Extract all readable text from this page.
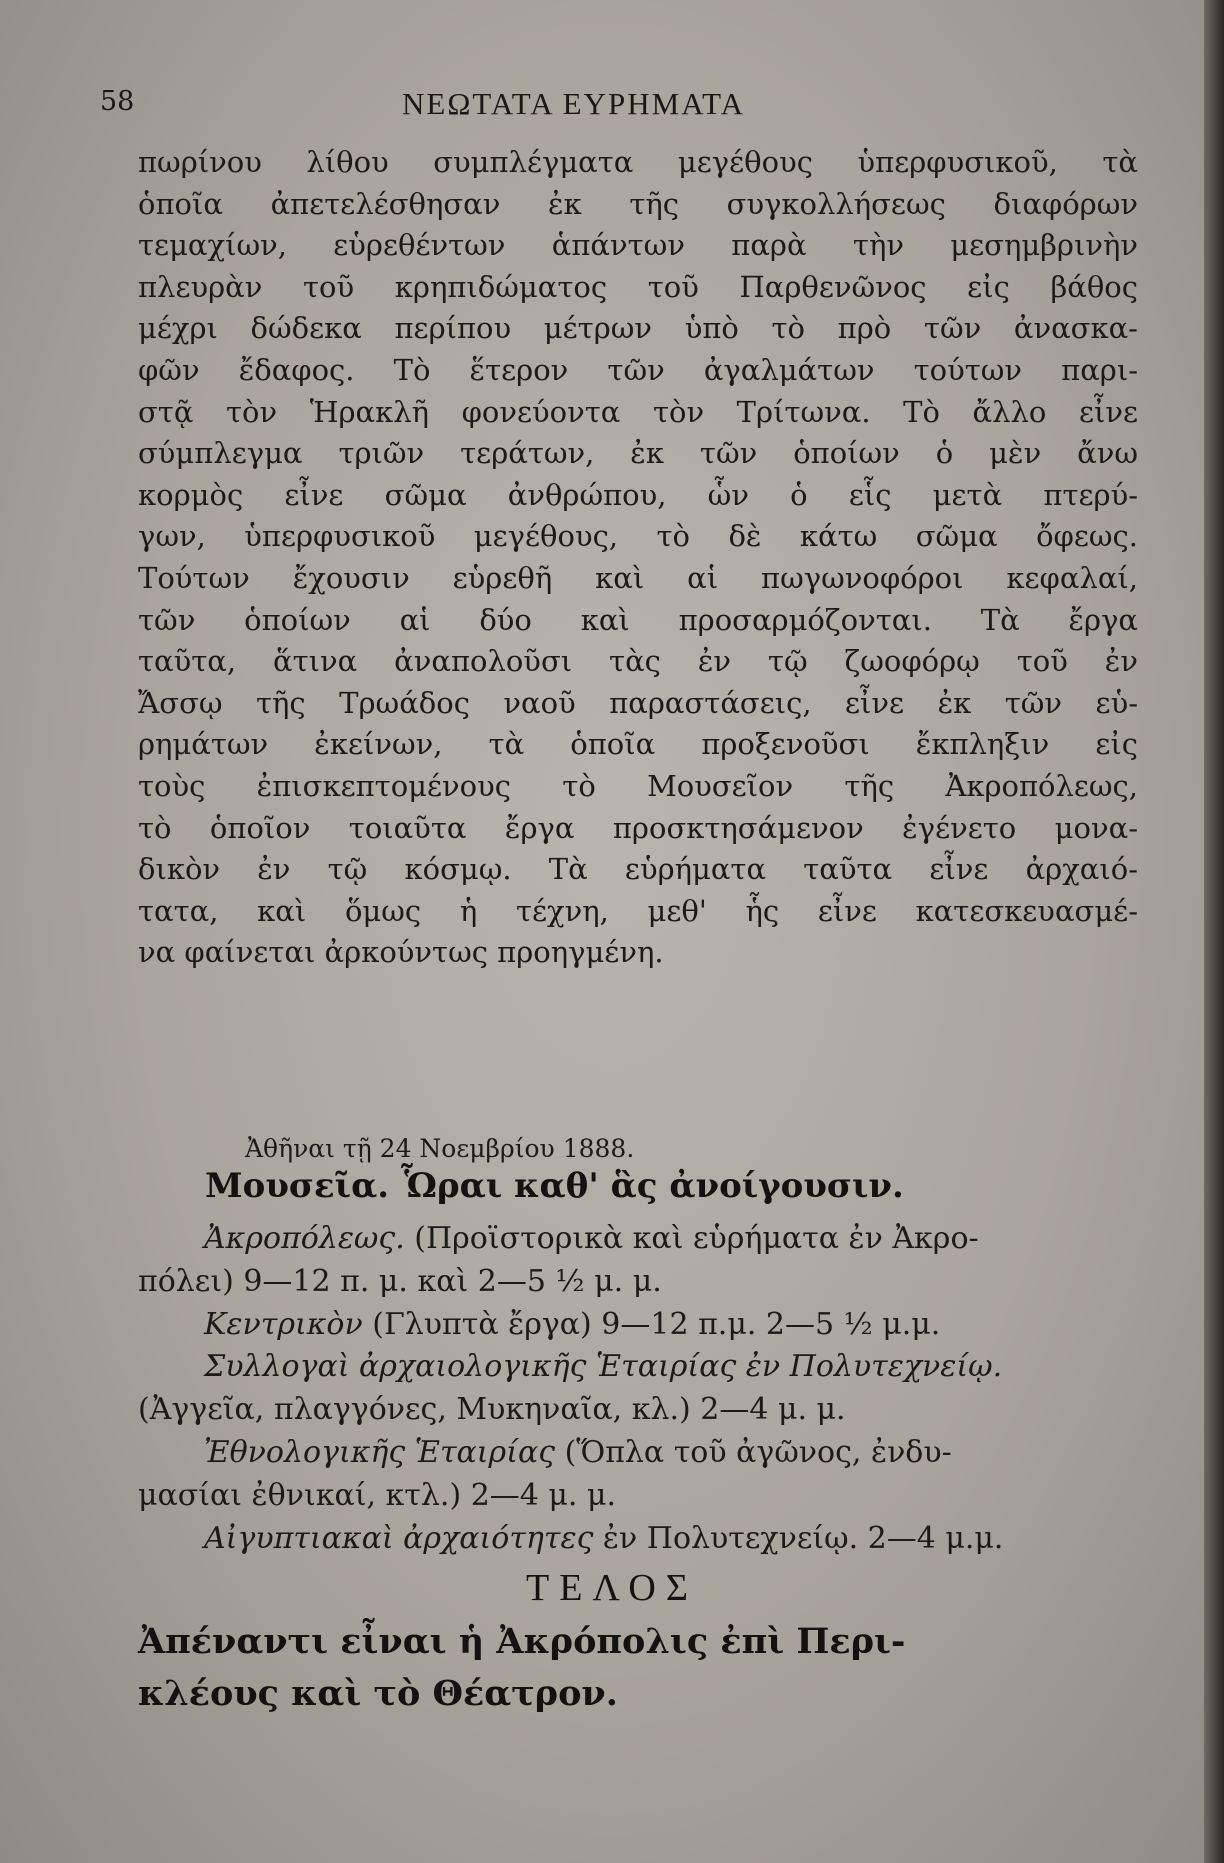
58	ΝΕΩΤΑΤΑ ΕΥΡΗΜΑΤΑ
πωρίνου λίθου συμπλέγματα μεγέθους ὑπερφυσικοῦ, τὰ
ὁποῖα ἀπετελέσθησαν ἐκ τῆς συγκολλήσεως διαφόρων
τεμαχίων, εὑρεθέντων ἁπάντων παρὰ τὴν μεσημβρινὴν
πλευρὰν τοῦ κρηπιδώματος τοῦ Παρθενῶνος εἰς βάθος
μέχρι δώδεκα περίπου μέτρων ὑπὸ τὸ πρὸ τῶν ἀνασκα-
φῶν ἔδαφος. Τὸ ἕτερον τῶν ἀγαλμάτων τούτων παρι-
στᾷ τὸν Ἡρακλῆ φονεύοντα τὸν Τρίτωνα. Τὸ ἄλλο εἶνε
σύμπλεγμα τριῶν τεράτων, ἐκ τῶν ὁποίων ὁ μὲν ἄνω
κορμὸς εἶνε σῶμα ἀνθρώπου, ὧν ὁ εἷς μετὰ πτερύ-
γων, ὑπερφυσικοῦ μεγέθους, τὸ δὲ κάτω σῶμα ὄφεως.
Τούτων ἔχουσιν εὑρεθῆ καὶ αἱ πωγωνοφόροι κεφαλαί,
τῶν ὁποίων αἱ δύο καὶ προσαρμόζονται. Τὰ ἔργα
ταῦτα, ἅτινα ἀναπολοῦσι τὰς ἐν τῷ ζωοφόρῳ τοῦ ἐν
Ἄσσῳ τῆς Τρωάδος ναοῦ παραστάσεις, εἶνε ἐκ τῶν εὑ-
ρημάτων ἐκείνων, τὰ ὁποῖα προξενοῦσι ἔκπληξιν εἰς
τοὺς ἐπισκεπτομένους τὸ Μουσεῖον τῆς Ἀκροπόλεως,
τὸ ὁποῖον τοιαῦτα ἔργα προσκτησάμενον ἐγένετο μονα-
δικὸν ἐν τῷ κόσμῳ. Τὰ εὑρήματα ταῦτα εἶνε ἀρχαιό-
τατα, καὶ ὅμως ἡ τέχνη, μεθ' ἧς εἶνε κατεσκευασμέ-
να φαίνεται ἀρκούντως προηγμένη.
Ἀθῆναι τῇ 24 Νοεμβρίου 1888.
Μουσεῖα. Ὧραι καθ' ἃς ἀνοίγουσιν.
Ἀκροπόλεως. (Προϊστορικὰ καὶ εὑρήματα ἐν Ἀκρο-
πόλει) 9—12 π. μ. καὶ 2—5 ½ μ. μ.
Κεντρικὸν (Γλυπτὰ ἔργα) 9—12 π.μ. 2—5 ½ μ.μ.
Συλλογαὶ ἀρχαιολογικῆς Ἑταιρίας ἐν Πολυτεχνείῳ.
(Ἀγγεῖα, πλαγγόνες, Μυκηναῖα, κλ.) 2—4 μ. μ.
Ἐθνολογικῆς Ἑταιρίας (Ὅπλα τοῦ ἀγῶνος, ἐνδυ-
μασίαι ἐθνικαί, κτλ.) 2—4 μ. μ.
Αἰγυπτιακαὶ ἀρχαιότητες ἐν Πολυτεχνείῳ. 2—4 μ.μ.
ΤΕΛΟΣ
Ἀπέναντι εἶναι ἡ Ἀκρόπολις ἐπὶ Περι-
κλέους καὶ τὸ Θέατρον.
